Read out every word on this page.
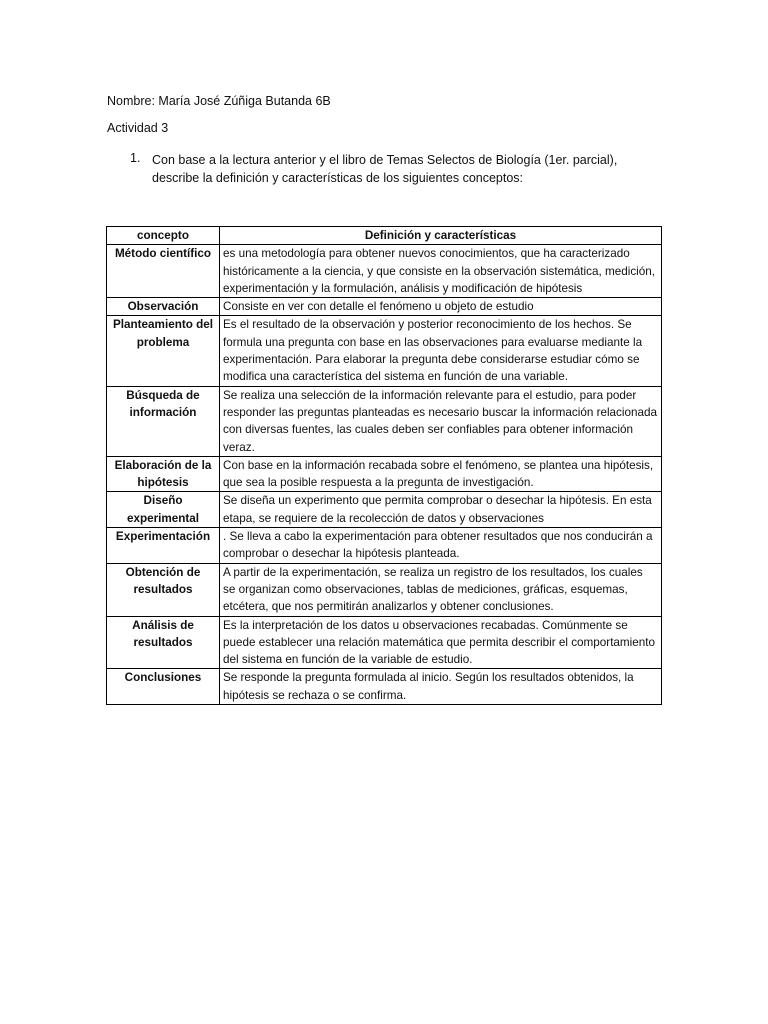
Nombre: María José Zúñiga Butanda 6B
Actividad 3
1. Con base a la lectura anterior y el libro de Temas Selectos de Biología (1er. parcial), describe la definición y características de los siguientes conceptos:
concepto	Definición y características
Método científico	es una metodología para obtener nuevos conocimientos, que ha caracterizado históricamente a la ciencia, y que consiste en la observación sistemática, medición, experimentación y la formulación, análisis y modificación de hipótesis
Observación	Consiste en ver con detalle el fenómeno u objeto de estudio
Planteamiento del problema	Es el resultado de la observación y posterior reconocimiento de los hechos. Se formula una pregunta con base en las observaciones para evaluarse mediante la experimentación. Para elaborar la pregunta debe considerarse estudiar cómo se modifica una característica del sistema en función de una variable.
Búsqueda de información	Se realiza una selección de la información relevante para el estudio, para poder responder las preguntas planteadas es necesario buscar la información relacionada con diversas fuentes, las cuales deben ser confiables para obtener información veraz.
Elaboración de la hipótesis	Con base en la información recabada sobre el fenómeno, se plantea una hipótesis, que sea la posible respuesta a la pregunta de investigación.
Diseño experimental	Se diseña un experimento que permita comprobar o desechar la hipótesis. En esta etapa, se requiere de la recolección de datos y observaciones
Experimentación	. Se lleva a cabo la experimentación para obtener resultados que nos conducirán a comprobar o desechar la hipótesis planteada.
Obtención de resultados	A partir de la experimentación, se realiza un registro de los resultados, los cuales se organizan como observaciones, tablas de mediciones, gráficas, esquemas, etcétera, que nos permitirán analizarlos y obtener conclusiones.
Análisis de resultados	Es la interpretación de los datos u observaciones recabadas. Comúnmente se puede establecer una relación matemática que permita describir el comportamiento del sistema en función de la variable de estudio.
Conclusiones	Se responde la pregunta formulada al inicio. Según los resultados obtenidos, la hipótesis se rechaza o se confirma.
